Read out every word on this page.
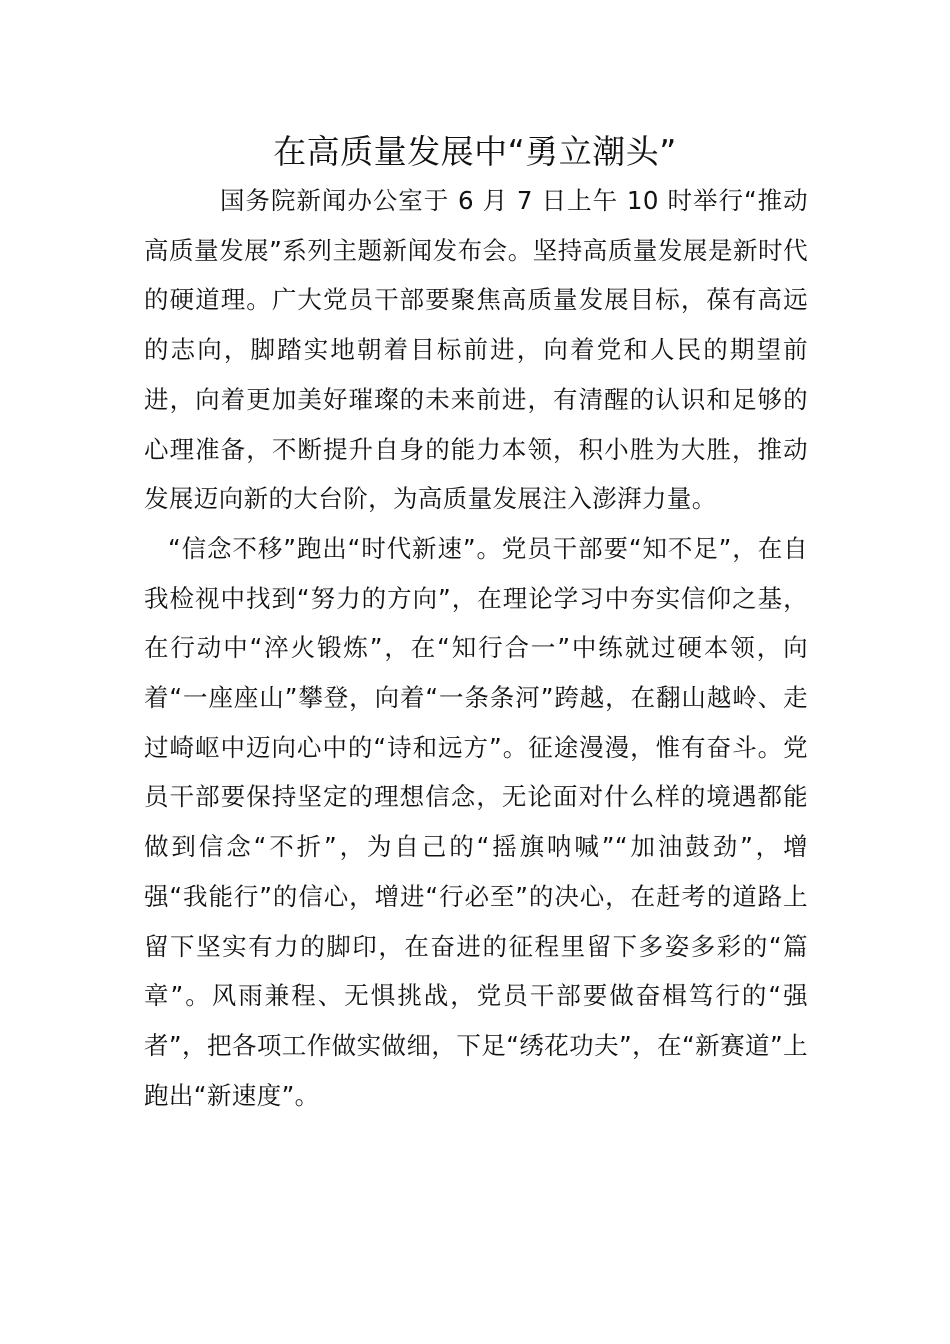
在高质量发展中“勇立潮头”

国务院新闻办公室于 6 月 7 日上午 10 时举行“推动高质量发展”系列主题新闻发布会。坚持高质量发展是新时代的硬道理。广大党员干部要聚焦高质量发展目标，葆有高远的志向，脚踏实地朝着目标前进，向着党和人民的期望前进，向着更加美好璀璨的未来前进，有清醒的认识和足够的心理准备，不断提升自身的能力本领，积小胜为大胜，推动发展迈向新的大台阶，为高质量发展注入澎湃力量。

“信念不移”跑出“时代新速”。党员干部要“知不足”，在自我检视中找到“努力的方向”，在理论学习中夯实信仰之基，在行动中“淬火锻炼”，在“知行合一”中练就过硬本领，向着“一座座山”攀登，向着“一条条河”跨越，在翻山越岭、走过崎岖中迈向心中的“诗和远方”。征途漫漫，惟有奋斗。党员干部要保持坚定的理想信念，无论面对什么样的境遇都能做到信念“不折”，为自己的“摇旗呐喊”“加油鼓劲”，增强“我能行”的信心，增进“行必至”的决心，在赶考的道路上留下坚实有力的脚印，在奋进的征程里留下多姿多彩的“篇章”。风雨兼程、无惧挑战，党员干部要做奋楫笃行的“强者”，把各项工作做实做细，下足“绣花功夫”，在“新赛道”上跑出“新速度”。
